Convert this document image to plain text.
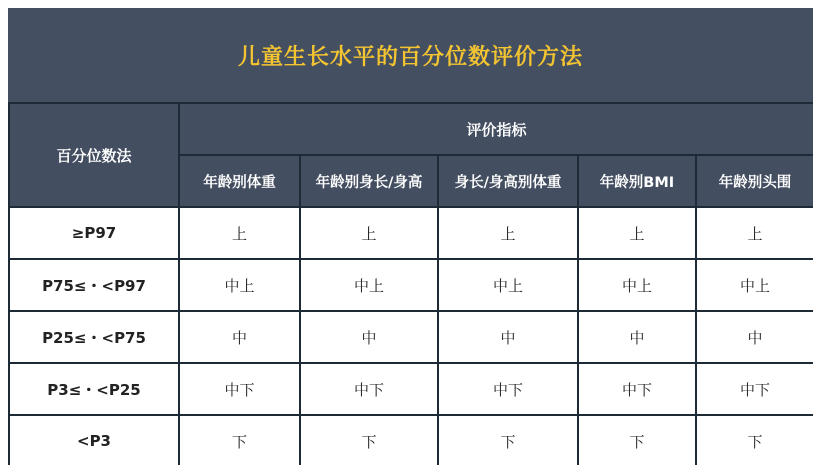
儿童生长水平的百分位数评价方法
百分位数法	评价指标				
	年龄别体重	年龄别身长/身高	身长/身高别体重	年龄别BMI	年龄别头围
≥P97	上	上	上	上	上
P75≤・<P97	中上	中上	中上	中上	中上
P25≤・<P75	中	中	中	中	中
P3≤・<P25	中下	中下	中下	中下	中下
<P3	下	下	下	下	下
